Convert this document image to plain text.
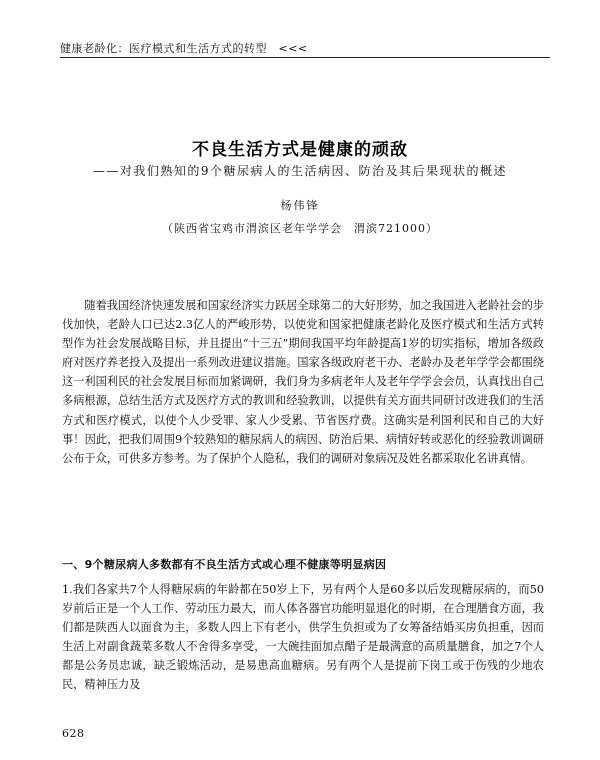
健康老龄化：医疗模式和生活方式的转型　<<<
不良生活方式是健康的顽敌
——对我们熟知的9个糖尿病人的生活病因、防治及其后果现状的概述
杨伟锋
（陕西省宝鸡市渭滨区老年学学会　渭滨721000）

随着我国经济快速发展和国家经济实力跃居全球第二的大好形势，加之我国进入老龄社会的步伐加快，老龄人口已达2.3亿人的严峻形势，以使党和国家把健康老龄化及医疗模式和生活方式转型作为社会发展战略目标，并且提出“十三五”期间我国平均年龄提高1岁的切实指标，增加各级政府对医疗养老投入及提出一系列改进建议措施。国家各级政府老干办、老龄办及老年学学会都围绕这一利国利民的社会发展目标而加紧调研，我们身为多病老年人及老年学学会会员，认真找出自己多病根源，总结生活方式及医疗方式的教训和经验教训，以提供有关方面共同研讨改进我们的生活方式和医疗模式，以使个人少受罪、家人少受累、节省医疗费。这确实是利国利民和自己的大好事！因此，把我们周围9个较熟知的糖尿病人的病因、防治后果、病情好转或恶化的经验教训调研公布于众，可供多方参考。为了保护个人隐私，我们的调研对象病况及姓名都采取化名讲真情。

一、9个糖尿病人多数都有不良生活方式或心理不健康等明显病因

1.我们各家共7个人得糖尿病的年龄都在50岁上下，另有两个人是60多以后发现糖尿病的，而50岁前后正是一个人工作、劳动压力最大，而人体各器官功能明显退化的时期，在合理膳食方面，我们都是陕西人以面食为主，多数人四上下有老小，供学生负担或为了女筹备结婚买房负担重，因而生活上对副食蔬菜多数人不舍得多享受，一大碗挂面加点醋子是最满意的高质量膳食，加之7个人都是公务员忠诚，缺乏锻炼活动，是易患高血糖病。另有两个人是提前下岗工或于伤残的少地农民，精神压力及

628
